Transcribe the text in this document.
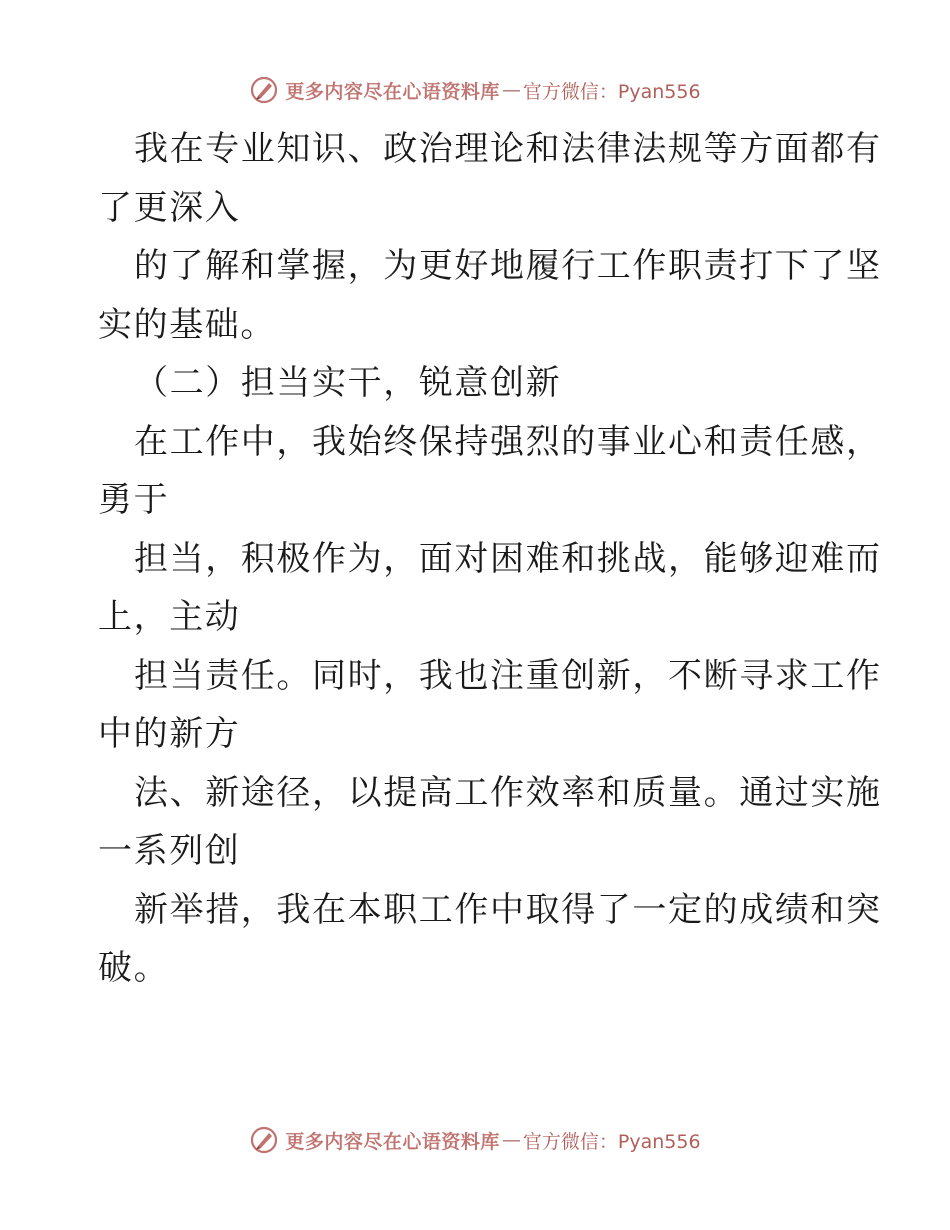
更多内容尽在心语资料库 — 官方微信：Pyan556
我在专业知识、政治理论和法律法规等方面都有
了更深入
的了解和掌握，为更好地履行工作职责打下了坚
实的基础。
（二）担当实干，锐意创新
在工作中，我始终保持强烈的事业心和责任感，
勇于
担当，积极作为，面对困难和挑战，能够迎难而
上，主动
担当责任。同时，我也注重创新，不断寻求工作
中的新方
法、新途径，以提高工作效率和质量。通过实施
一系列创
新举措，我在本职工作中取得了一定的成绩和突
破。
更多内容尽在心语资料库 — 官方微信：Pyan556
